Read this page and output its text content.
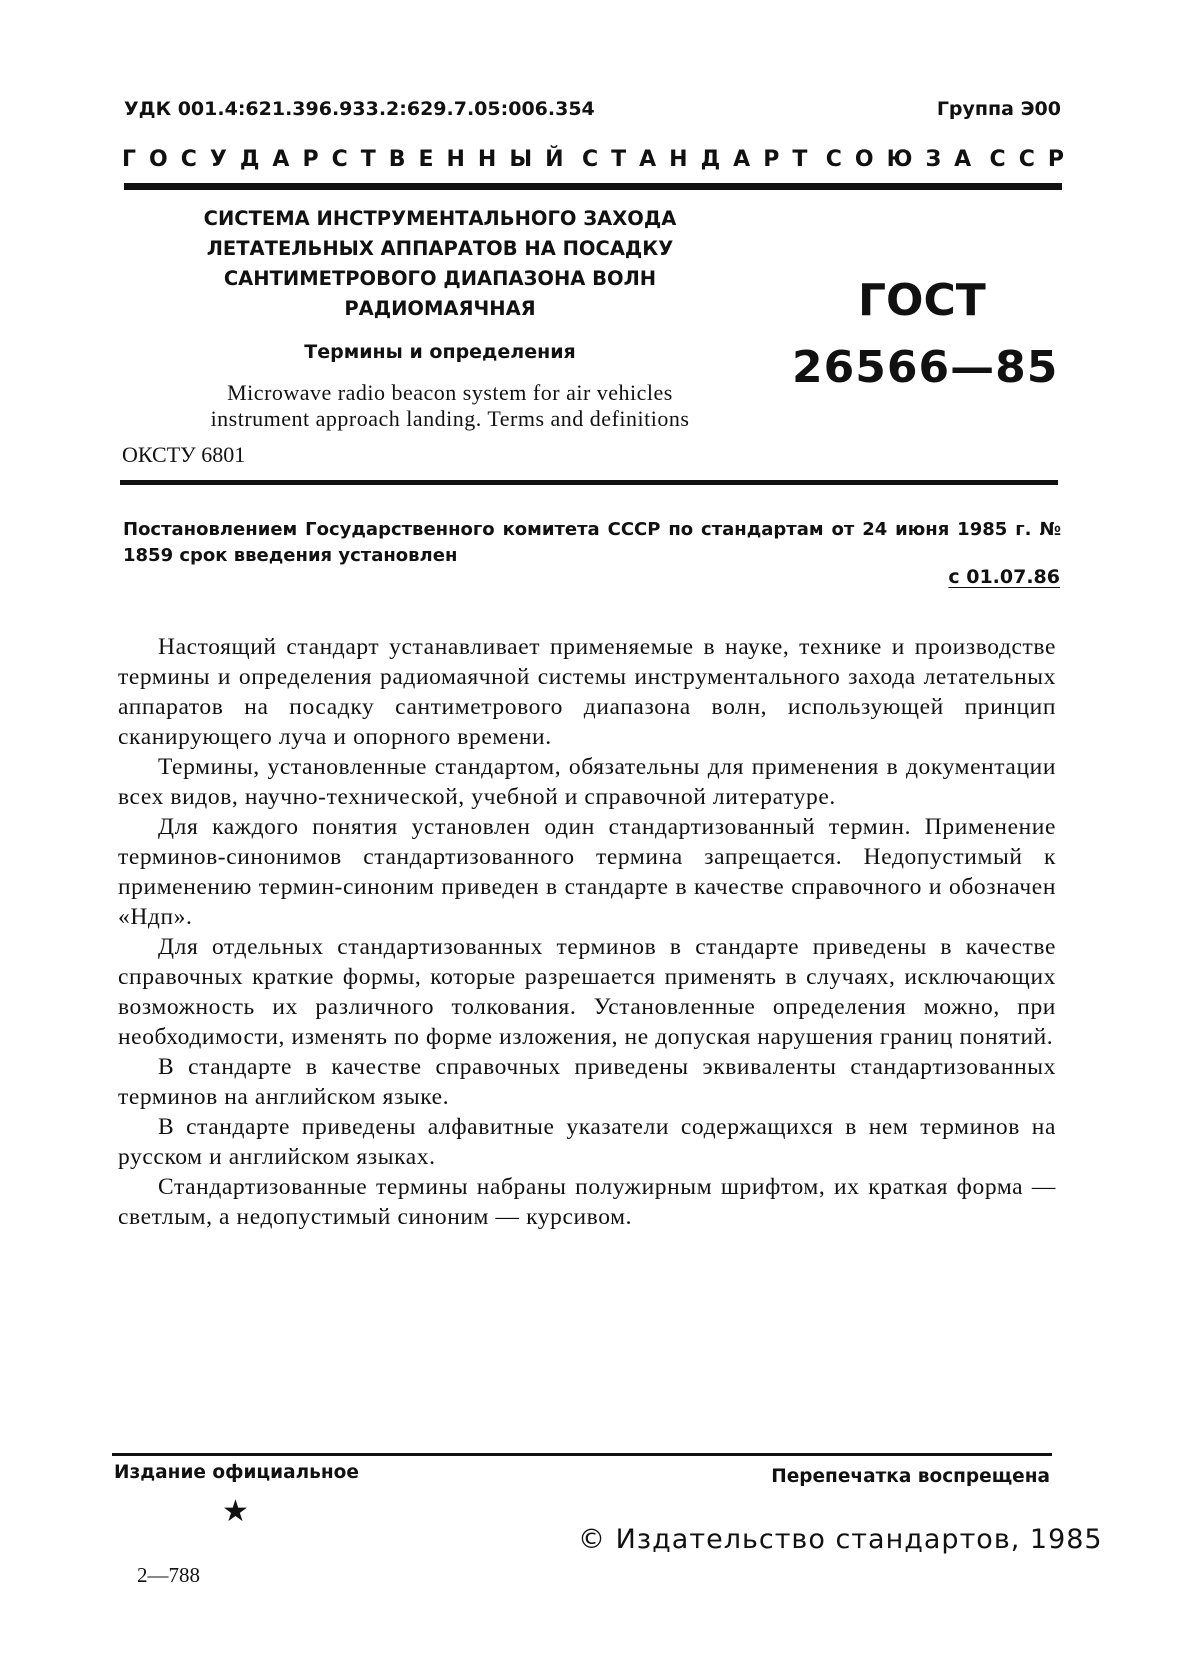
УДК 001.4:621.396.933.2:629.7.05:006.354	Группа Э00
ГОСУДАРСТВЕННЫЙ СТАНДАРТ СОЮЗА ССР
СИСТЕМА ИНСТРУМЕНТАЛЬНОГО ЗАХОДА
ЛЕТАТЕЛЬНЫХ АППАРАТОВ НА ПОСАДКУ
САНТИМЕТРОВОГО ДИАПАЗОНА ВОЛН
РАДИОМАЯЧНАЯ
Термины и определения
Microwave radio beacon system for air vehicles
instrument approach landing. Terms and definitions
ОКСТУ 6801
ГОСТ
26566—85
Постановлением Государственного комитета СССР по стандартам от 24 июня 1985 г. № 1859 срок введения установлен
с 01.07.86

Настоящий стандарт устанавливает применяемые в науке, технике и производстве термины и определения радиомаячной системы инструментального захода летательных аппаратов на посадку сантиметрового диапазона волн, использующей принцип сканирующего луча и опорного времени.

Термины, установленные стандартом, обязательны для применения в документации всех видов, научно-технической, учебной и справочной литературе.

Для каждого понятия установлен один стандартизованный термин. Применение терминов-синонимов стандартизованного термина запрещается. Недопустимый к применению термин-синоним приведен в стандарте в качестве справочного и обозначен «Ндп».

Для отдельных стандартизованных терминов в стандарте приведены в качестве справочных краткие формы, которые разрешается применять в случаях, исключающих возможность их различного толкования. Установленные определения можно, при необходимости, изменять по форме изложения, не допуская нарушения границ понятий.

В стандарте в качестве справочных приведены эквиваленты стандартизованных терминов на английском языке.

В стандарте приведены алфавитные указатели содержащихся в нем терминов на русском и английском языках.

Стандартизованные термины набраны полужирным шрифтом, их краткая форма — светлым, а недопустимый синоним — курсивом.

Издание официальное	Перепечатка воспрещена
★
© Издательство стандартов, 1985
2—788
